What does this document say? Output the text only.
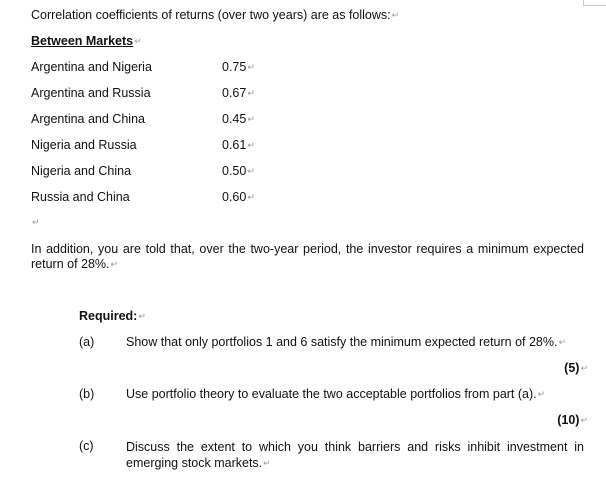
Correlation coefficients of returns (over two years) are as follows:↵
Between Markets↵
Argentina and Nigeria	0.75↵
Argentina and Russia	0.67↵
Argentina and China	0.45↵
Nigeria and Russia	0.61↵
Nigeria and China	0.50↵
Russia and China	0.60↵
↵
In addition, you are told that, over the two-year period, the investor requires a minimum expected return of 28%.↵
Required:↵
(a)	Show that only portfolios 1 and 6 satisfy the minimum expected return of 28%.↵
(5)↵
(b)	Use portfolio theory to evaluate the two acceptable portfolios from part (a).↵
(10)↵
(c)	Discuss the extent to which you think barriers and risks inhibit investment in emerging stock markets.↵
